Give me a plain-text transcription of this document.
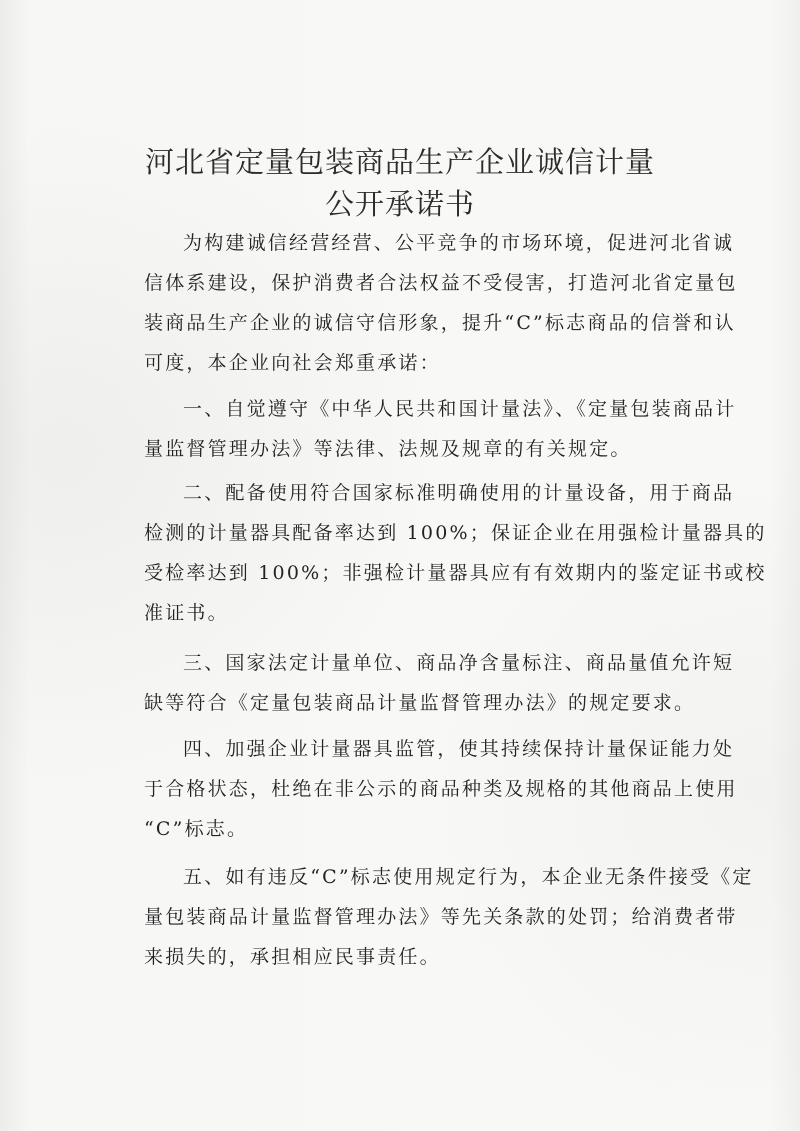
河北省定量包装商品生产企业诚信计量
公开承诺书
为构建诚信经营经营、公平竞争的市场环境，促进河北省诚
信体系建设，保护消费者合法权益不受侵害，打造河北省定量包
装商品生产企业的诚信守信形象，提升“C”标志商品的信誉和认
可度，本企业向社会郑重承诺：
一、自觉遵守《中华人民共和国计量法》、《定量包装商品计
量监督管理办法》等法律、法规及规章的有关规定。
二、配备使用符合国家标准明确使用的计量设备，用于商品
检测的计量器具配备率达到 100%；保证企业在用强检计量器具的
受检率达到 100%；非强检计量器具应有有效期内的鉴定证书或校
准证书。
三、国家法定计量单位、商品净含量标注、商品量值允许短
缺等符合《定量包装商品计量监督管理办法》的规定要求。
四、加强企业计量器具监管，使其持续保持计量保证能力处
于合格状态，杜绝在非公示的商品种类及规格的其他商品上使用
“C”标志。
五、如有违反“C”标志使用规定行为，本企业无条件接受《定
量包装商品计量监督管理办法》等先关条款的处罚；给消费者带
来损失的，承担相应民事责任。
